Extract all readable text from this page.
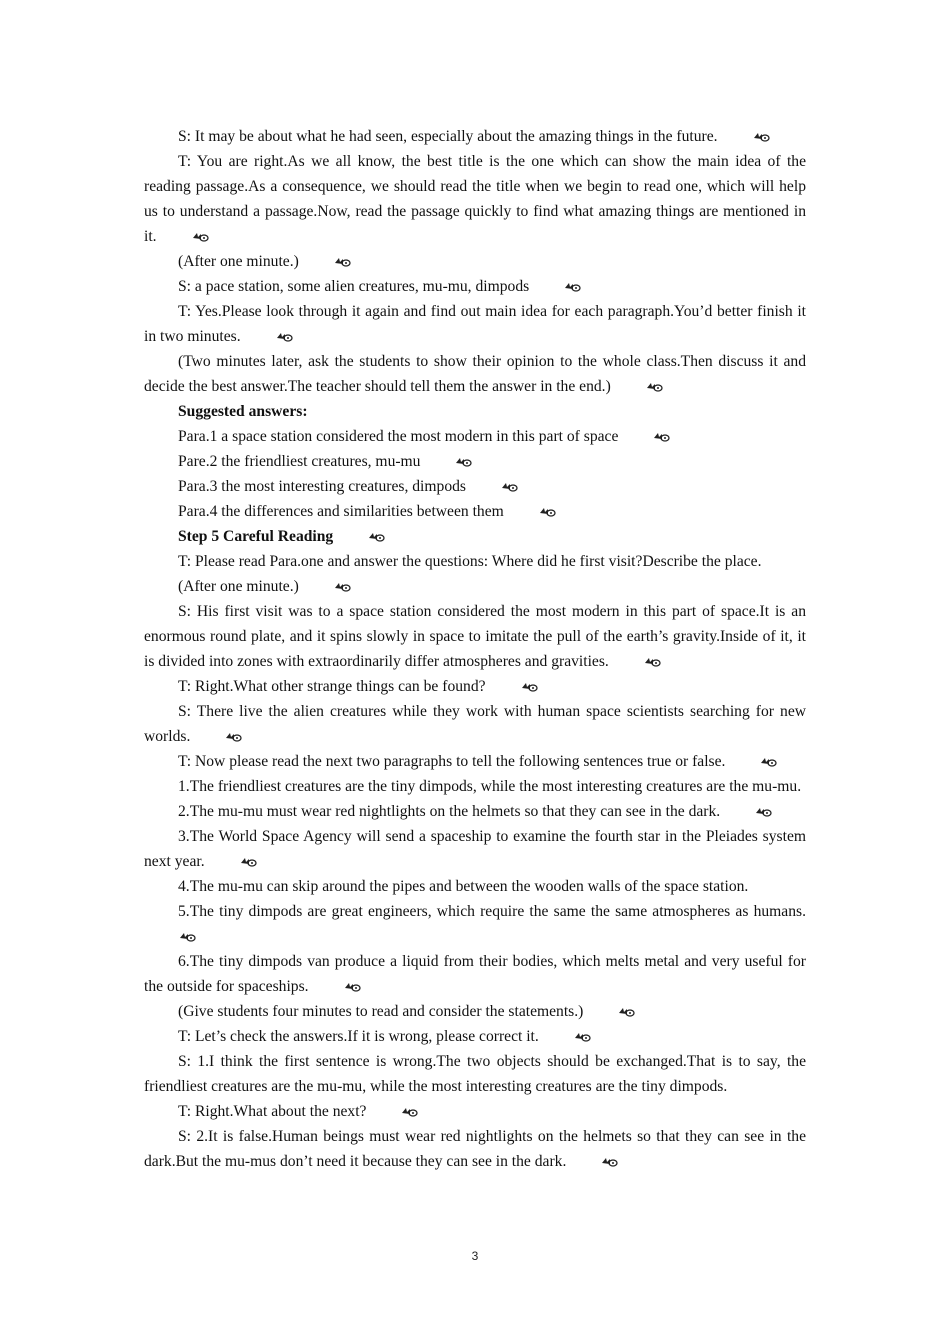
S: It may be about what he had seen, especially about the amazing things in the future.

T: You are right.As we all know, the best title is the one which can show the main idea of the reading passage.As a consequence, we should read the title when we begin to read one, which will help us to understand a passage.Now, read the passage quickly to find what amazing things are mentioned in it.

(After one minute.)

S: a pace station, some alien creatures, mu-mu, dimpods

T: Yes.Please look through it again and find out main idea for each paragraph.You’d better finish it in two minutes.

(Two minutes later, ask the students to show their opinion to the whole class.Then discuss it and decide the best answer.The teacher should tell them the answer in the end.)

Suggested answers:

Para.1 a space station considered the most modern in this part of space

Pare.2 the friendliest creatures, mu-mu

Para.3 the most interesting creatures, dimpods

Para.4 the differences and similarities between them

Step 5 Careful Reading

T: Please read Para.one and answer the questions: Where did he first visit?Describe the place.

(After one minute.)

S: His first visit was to a space station considered the most modern in this part of space.It is an enormous round plate, and it spins slowly in space to imitate the pull of the earth’s gravity.Inside of it, it is divided into zones with extraordinarily differ atmospheres and gravities.

T: Right.What other strange things can be found?

S: There live the alien creatures while they work with human space scientists searching for new worlds.

T: Now please read the next two paragraphs to tell the following sentences true or false.

1.The friendliest creatures are the tiny dimpods, while the most interesting creatures are the mu-mu.

2.The mu-mu must wear red nightlights on the helmets so that they can see in the dark.

3.The World Space Agency will send a spaceship to examine the fourth star in the Pleiades system next year.

4.The mu-mu can skip around the pipes and between the wooden walls of the space station.

5.The tiny dimpods are great engineers, which require the same the same atmospheres as humans.

6.The tiny dimpods van produce a liquid from their bodies, which melts metal and very useful for the outside for spaceships.

(Give students four minutes to read and consider the statements.)

T: Let’s check the answers.If it is wrong, please correct it.

S: 1.I think the first sentence is wrong.The two objects should be exchanged.That is to say, the friendliest creatures are the mu-mu, while the most interesting creatures are the tiny dimpods.

T: Right.What about the next?

S: 2.It is false.Human beings must wear red nightlights on the helmets so that they can see in the dark.But the mu-mus don’t need it because they can see in the dark.

3
